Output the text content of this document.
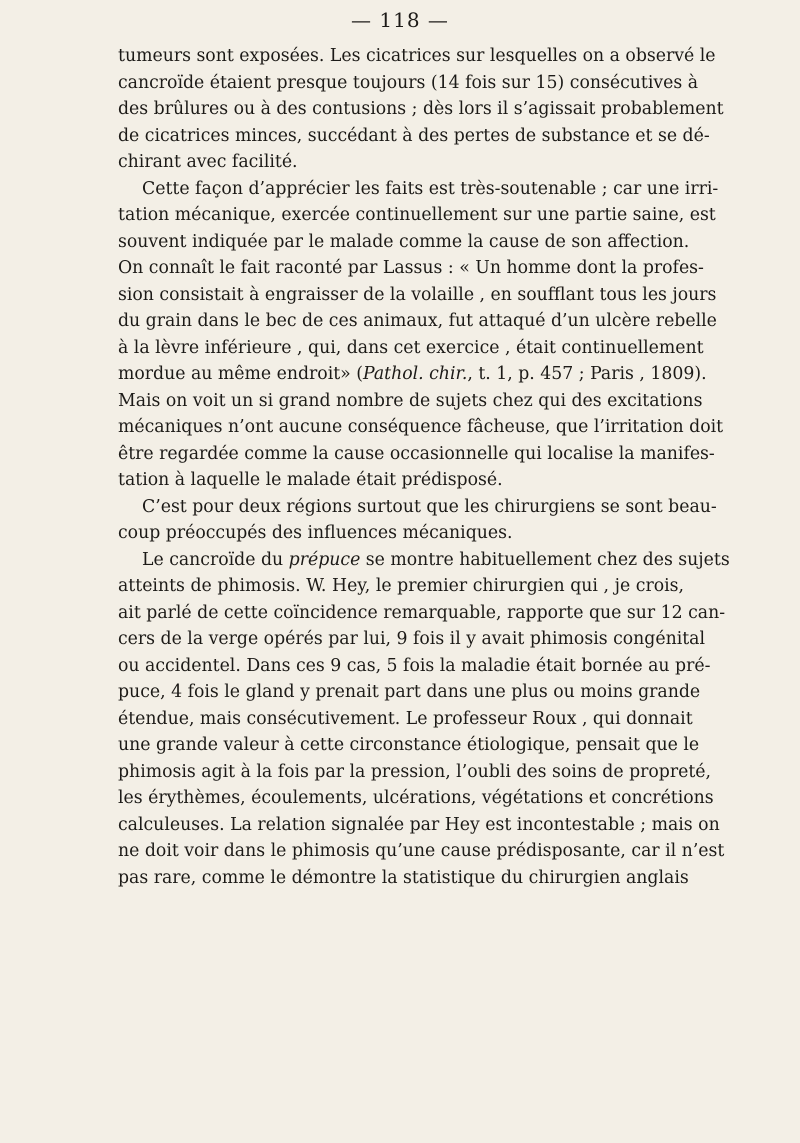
— 118 —
tumeurs sont exposées. Les cicatrices sur lesquelles on a observé le
cancroïde étaient presque toujours (14 fois sur 15) consécutives à
des brûlures ou à des contusions ; dès lors il s’agissait probablement
de cicatrices minces, succédant à des pertes de substance et se dé-
chirant avec facilité.
Cette façon d’apprécier les faits est très-soutenable ; car une irri-
tation mécanique, exercée continuellement sur une partie saine, est
souvent indiquée par le malade comme la cause de son affection.
On connaît le fait raconté par Lassus : « Un homme dont la profes-
sion consistait à engraisser de la volaille , en soufflant tous les jours
du grain dans le bec de ces animaux, fut attaqué d’un ulcère rebelle
à la lèvre inférieure , qui, dans cet exercice , était continuellement
mordue au même endroit» (Pathol. chir., t. 1, p. 457 ; Paris , 1809).
Mais on voit un si grand nombre de sujets chez qui des excitations
mécaniques n’ont aucune conséquence fâcheuse, que l’irritation doit
être regardée comme la cause occasionnelle qui localise la manifes-
tation à laquelle le malade était prédisposé.
C’est pour deux régions surtout que les chirurgiens se sont beau-
coup préoccupés des influences mécaniques.
Le cancroïde du prépuce se montre habituellement chez des sujets
atteints de phimosis. W. Hey, le premier chirurgien qui , je crois,
ait parlé de cette coïncidence remarquable, rapporte que sur 12 can-
cers de la verge opérés par lui, 9 fois il y avait phimosis congénital
ou accidentel. Dans ces 9 cas, 5 fois la maladie était bornée au pré-
puce, 4 fois le gland y prenait part dans une plus ou moins grande
étendue, mais consécutivement. Le professeur Roux , qui donnait
une grande valeur à cette circonstance étiologique, pensait que le
phimosis agit à la fois par la pression, l’oubli des soins de propreté,
les érythèmes, écoulements, ulcérations, végétations et concrétions
calculeuses. La relation signalée par Hey est incontestable ; mais on
ne doit voir dans le phimosis qu’une cause prédisposante, car il n’est
pas rare, comme le démontre la statistique du chirurgien anglais
